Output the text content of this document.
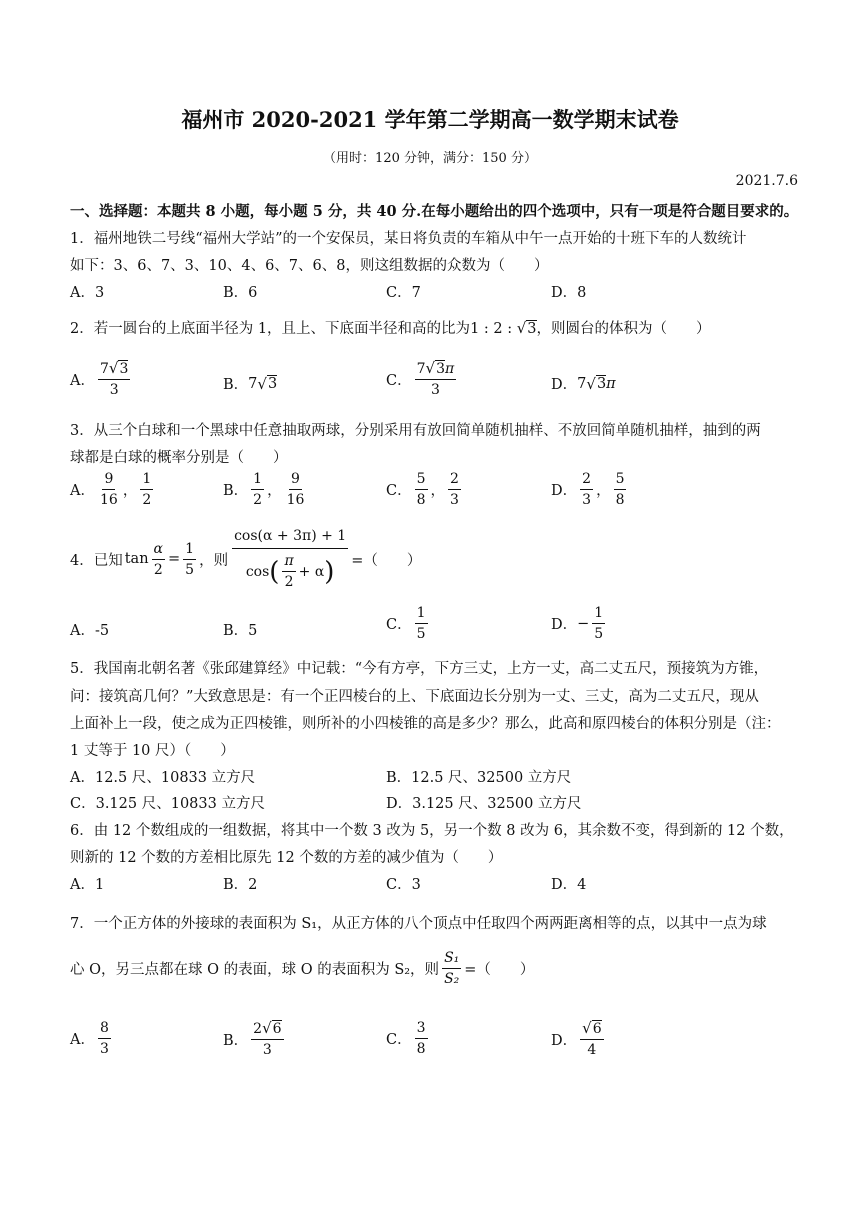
福州市 2020-2021 学年第二学期高一数学期末试卷
（用时：120 分钟，满分：150 分）
2021.7.6
一、选择题：本题共 8 小题，每小题 5 分，共 40 分.在每小题给出的四个选项中，只有一项是符合题目要求的。
1．福州地铁二号线“福州大学站”的一个安保员，某日将负责的车箱从中午一点开始的十班下车的人数统计
如下：3、6、7、3、10、4、6、7、6、8，则这组数据的众数为（　　）
A．3	B．6	C．7	D．8
2．若一圆台的上底面半径为 1，且上、下底面半径和高的比为1 : 2 : √3，则圆台的体积为（　　）
A． $\frac{7√3}{3}$	B． 7 √ 3	C． $\frac{7√3\pi}{3}$	D． 7 √ 3 π
3．从三个白球和一个黑球中任意抽取两球，分别采用有放回简单随机抽样、不放回简单随机抽样，抽到的两
球都是白球的概率分别是（　　）
A． $\frac{9}{16}$ ， $\frac{1}{2}$	B． $\frac{1}{2}$ ， $\frac{9}{16}$	C． $\frac{5}{8}$ ， $\frac{2}{3}$	D． $\frac{2}{3}$ ， $\frac{5}{8}$
4．已知 $\tan \frac{\alpha}{2} = \frac{1}{5}$ ，则 $\frac{\cos(\alpha + 3\pi) + 1}{\cos ( \frac{\pi}{2} + \alpha )}$ =（　　）
A．-5	B．5	C． $\frac{1}{5}$	D． − $\frac{1}{5}$
5．我国南北朝名著《张邱建算经》中记载：“今有方亭，下方三丈，上方一丈，高二丈五尺，预接筑为方锥，
问：接筑高几何？”大致意思是：有一个正四棱台的上、下底面边长分别为一丈、三丈，高为二丈五尺，现从
上面补上一段，使之成为正四棱锥，则所补的小四棱锥的高是多少？那么，此高和原四棱台的体积分别是（注：
1 丈等于 10 尺）（　　）
A．12.5 尺、10833 立方尺	B．12.5 尺、32500 立方尺
C．3.125 尺、10833 立方尺	D．3.125 尺、32500 立方尺
6．由 12 个数组成的一组数据，将其中一个数 3 改为 5，另一个数 8 改为 6，其余数不变，得到新的 12 个数，
则新的 12 个数的方差相比原先 12 个数的方差的减少值为（　　）
A．1	B．2	C．3	D．4
7．一个正方体的外接球的表面积为 S₁，从正方体的八个顶点中任取四个两两距离相等的点，以其中一点为球
心 O，另三点都在球 O 的表面，球 O 的表面积为 S₂，则 $\frac{\text{S₁}}{\text{S₂}}$ =（　　）
A． $\frac{8}{3}$	B． $\frac{2√6}{3}$	C． $\frac{3}{8}$	D． $\frac{√6}{4}$
